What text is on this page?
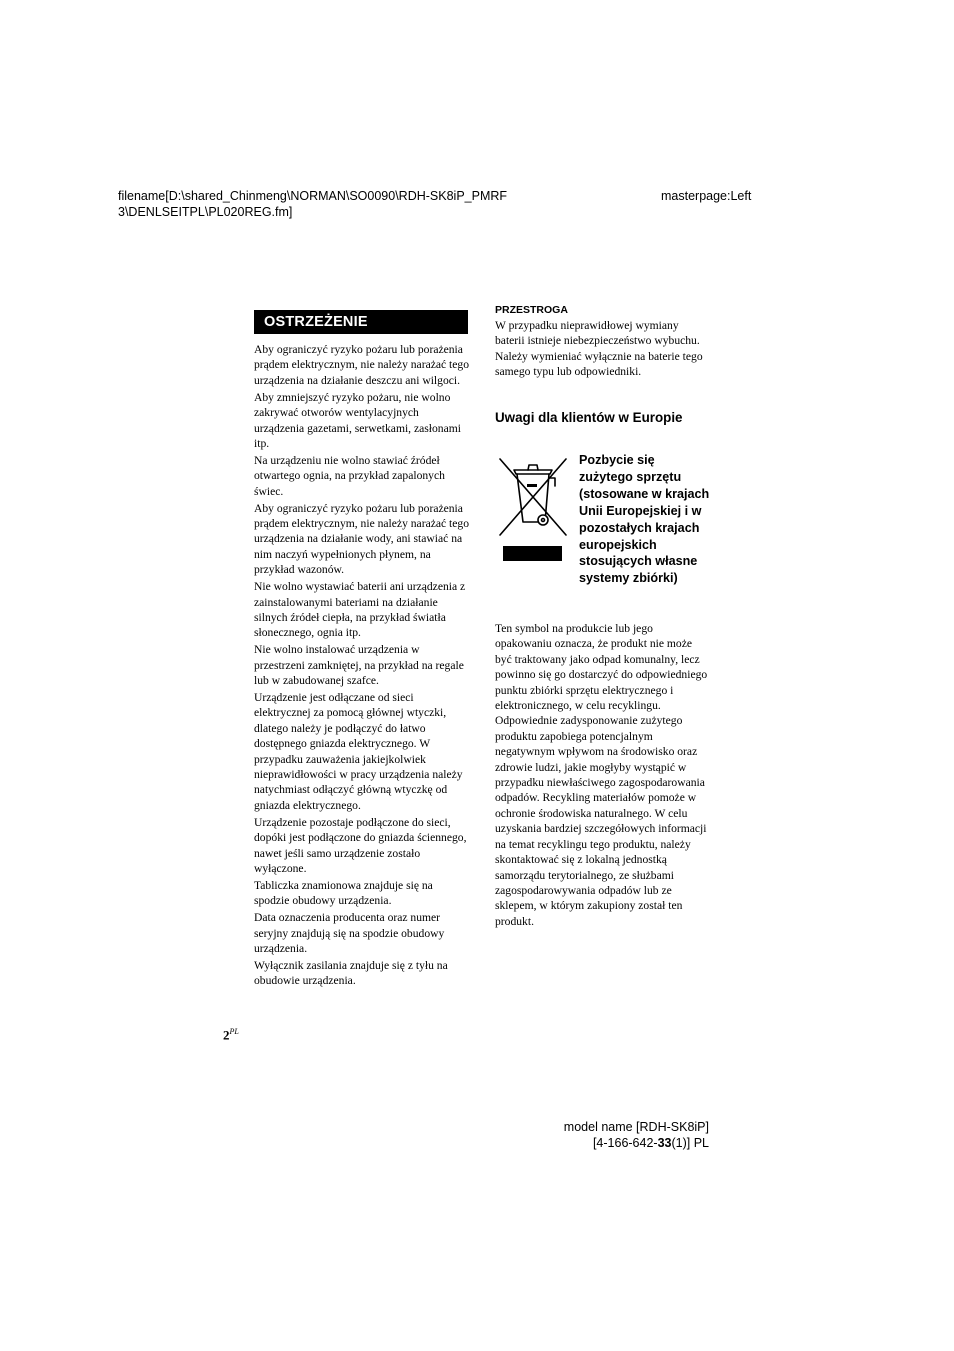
filename[D:\shared_Chinmeng\NORMAN\SO0090\RDH-SK8iP_PMRF
3\DENLSEITPL\PL020REG.fm]
masterpage:Left
OSTRZEŻENIE

Aby ograniczyć ryzyko pożaru lub porażenia prądem elektrycznym, nie należy narażać tego urządzenia na działanie deszczu ani wilgoci.

Aby zmniejszyć ryzyko pożaru, nie wolno zakrywać otworów wentylacyjnych urządzenia gazetami, serwetkami, zasłonami itp.

Na urządzeniu nie wolno stawiać źródeł otwartego ognia, na przykład zapalonych świec.

Aby ograniczyć ryzyko pożaru lub porażenia prądem elektrycznym, nie należy narażać tego urządzenia na działanie wody, ani stawiać na nim naczyń wypełnionych płynem, na przykład wazonów.

Nie wolno wystawiać baterii ani urządzenia z zainstalowanymi bateriami na działanie silnych źródeł ciepła, na przykład światła słonecznego, ognia itp.

Nie wolno instalować urządzenia w przestrzeni zamkniętej, na przykład na regale lub w zabudowanej szafce.

Urządzenie jest odłączane od sieci elektrycznej za pomocą głównej wtyczki, dlatego należy je podłączyć do łatwo dostępnego gniazda elektrycznego. W przypadku zauważenia jakiejkolwiek nieprawidłowości w pracy urządzenia należy natychmiast odłączyć główną wtyczkę od gniazda elektrycznego.

Urządzenie pozostaje podłączone do sieci, dopóki jest podłączone do gniazda ściennego, nawet jeśli samo urządzenie zostało wyłączone.

Tabliczka znamionowa znajduje się na spodzie obudowy urządzenia.

Data oznaczenia producenta oraz numer seryjny znajdują się na spodzie obudowy urządzenia.

Wyłącznik zasilania znajduje się z tyłu na obudowie urządzenia.

PRZESTROGA

W przypadku nieprawidłowej wymiany baterii istnieje niebezpieczeństwo wybuchu. Należy wymieniać wyłącznie na baterie tego samego typu lub odpowiedniki.

Uwagi dla klientów w Europie
Pozbycie się zużytego sprzętu (stosowane w krajach Unii Europejskiej i w pozostałych krajach europejskich stosujących własne systemy zbiórki)

Ten symbol na produkcie lub jego opakowaniu oznacza, że produkt nie może być traktowany jako odpad komunalny, lecz powinno się go dostarczyć do odpowiedniego punktu zbiórki sprzętu elektrycznego i elektronicznego, w celu recyklingu. Odpowiednie zadysponowanie zużytego produktu zapobiega potencjalnym negatywnym wpływom na środowisko oraz zdrowie ludzi, jakie mogłyby wystąpić w przypadku niewłaściwego zagospodarowania odpadów. Recykling materiałów pomoże w ochronie środowiska naturalnego. W celu uzyskania bardziej szczegółowych informacji na temat recyklingu tego produktu, należy skontaktować się z lokalną jednostką samorządu terytorialnego, ze służbami zagospodarowywania odpadów lub ze sklepem, w którym zakupiony został ten produkt.

$2^{PL}$
model name [RDH-SK8iP]
[4-166-642-33(1)] PL
